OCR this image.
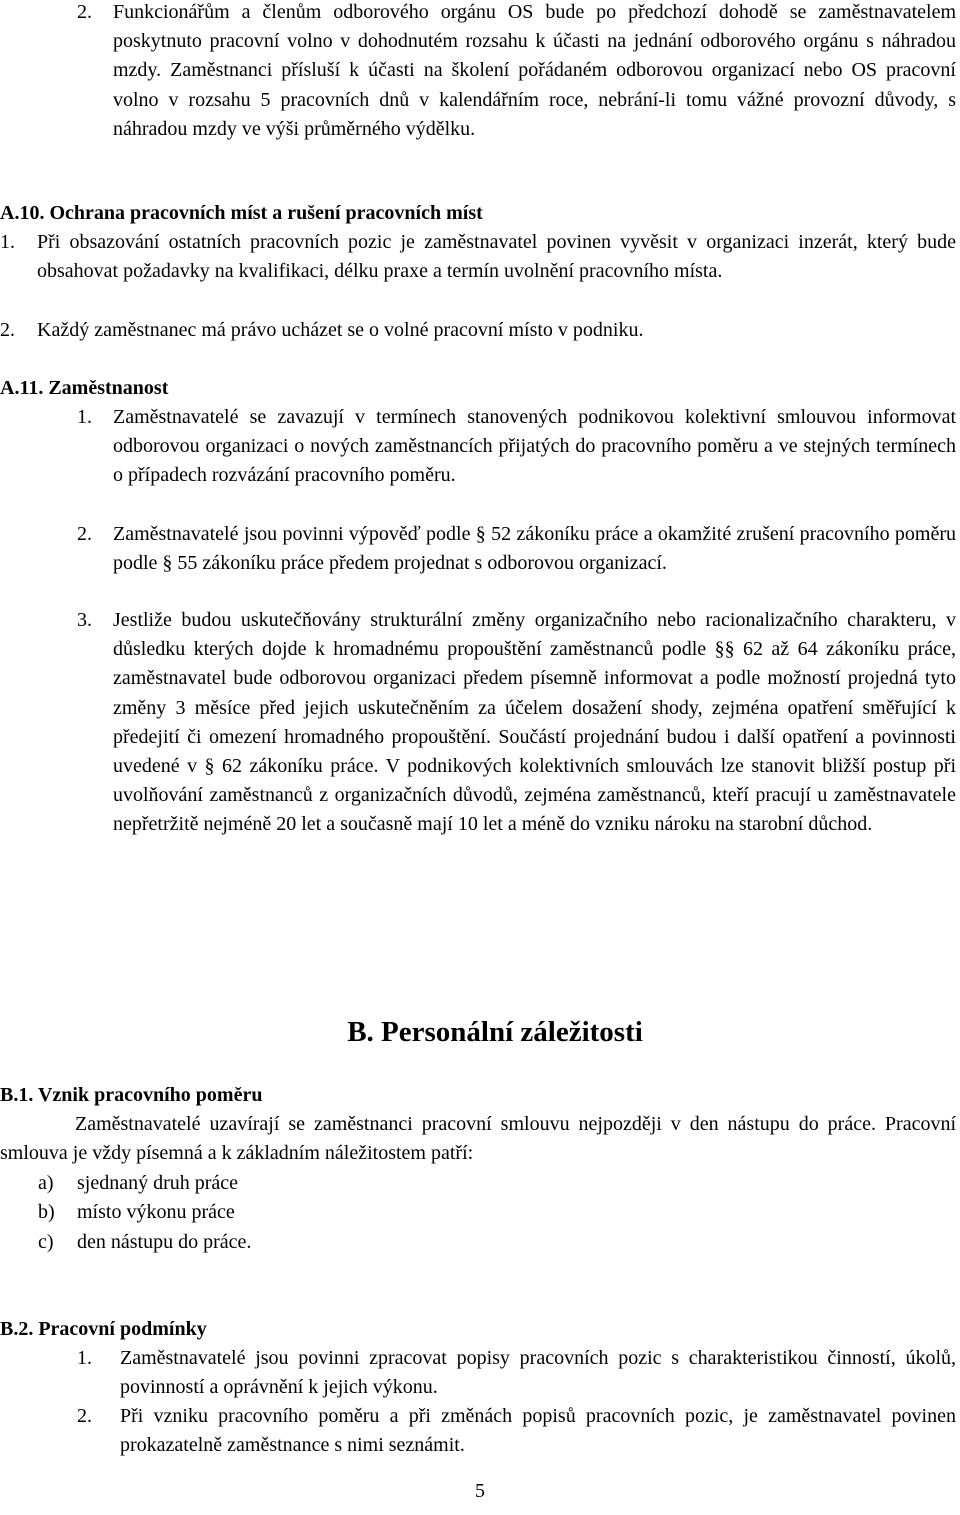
2. Funkcionářům a členům odborového orgánu OS bude po předchozí dohodě se zaměstnavatelem poskytnuto pracovní volno v dohodnutém rozsahu k účasti na jednání odborového orgánu s náhradou mzdy. Zaměstnanci přísluší k účasti na školení pořádaném odborovou organizací nebo OS pracovní volno v rozsahu 5 pracovních dnů v kalendářním roce, nebrání-li tomu vážné provozní důvody, s náhradou mzdy ve výši průměrného výdělku.
A.10. Ochrana pracovních míst a rušení pracovních míst
1. Při obsazování ostatních pracovních pozic je zaměstnavatel povinen vyvěsit v organizaci inzerát, který bude obsahovat požadavky na kvalifikaci, délku praxe a termín uvolnění pracovního místa.
2. Každý zaměstnanec má právo ucházet se o volné pracovní místo v podniku.
A.11. Zaměstnanost
1. Zaměstnavatelé se zavazují v termínech stanovených podnikovou kolektivní smlouvou informovat odborovou organizaci o nových zaměstnancích přijatých do pracovního poměru a ve stejných termínech o případech rozvázání pracovního poměru.
2. Zaměstnavatelé jsou povinni výpověď podle § 52 zákoníku práce a okamžité zrušení pracovního poměru podle § 55 zákoníku práce předem projednat s odborovou organizací.
3. Jestliže budou uskutečňovány strukturální změny organizačního nebo racionalizačního charakteru, v důsledku kterých dojde k hromadnému propouštění zaměstnanců podle §§ 62 až 64 zákoníku práce, zaměstnavatel bude odborovou organizaci předem písemně informovat a podle možností projedná tyto změny 3 měsíce před jejich uskutečněním za účelem dosažení shody, zejména opatření směřující k předejití či omezení hromadného propouštění. Součástí projednání budou i další opatření a povinnosti uvedené v § 62 zákoníku práce. V podnikových kolektivních smlouvách lze stanovit bližší postup při uvolňování zaměstnanců z organizačních důvodů, zejména zaměstnanců, kteří pracují u zaměstnavatele nepřetržitě nejméně 20 let a současně mají 10 let a méně do vzniku nároku na starobní důchod.
B. Personální záležitosti
B.1. Vznik pracovního poměru
Zaměstnavatelé uzavírají se zaměstnanci pracovní smlouvu nejpozději v den nástupu do práce. Pracovní smlouva je vždy písemná a k základním náležitostem patří:
a) sjednaný druh práce
b) místo výkonu práce
c) den nástupu do práce.
B.2. Pracovní podmínky
1. Zaměstnavatelé jsou povinni zpracovat popisy pracovních pozic s charakteristikou činností, úkolů, povinností a oprávnění k jejich výkonu.
2. Při vzniku pracovního poměru a při změnách popisů pracovních pozic, je zaměstnavatel povinen prokazatelně zaměstnance s nimi seznámit.
5
